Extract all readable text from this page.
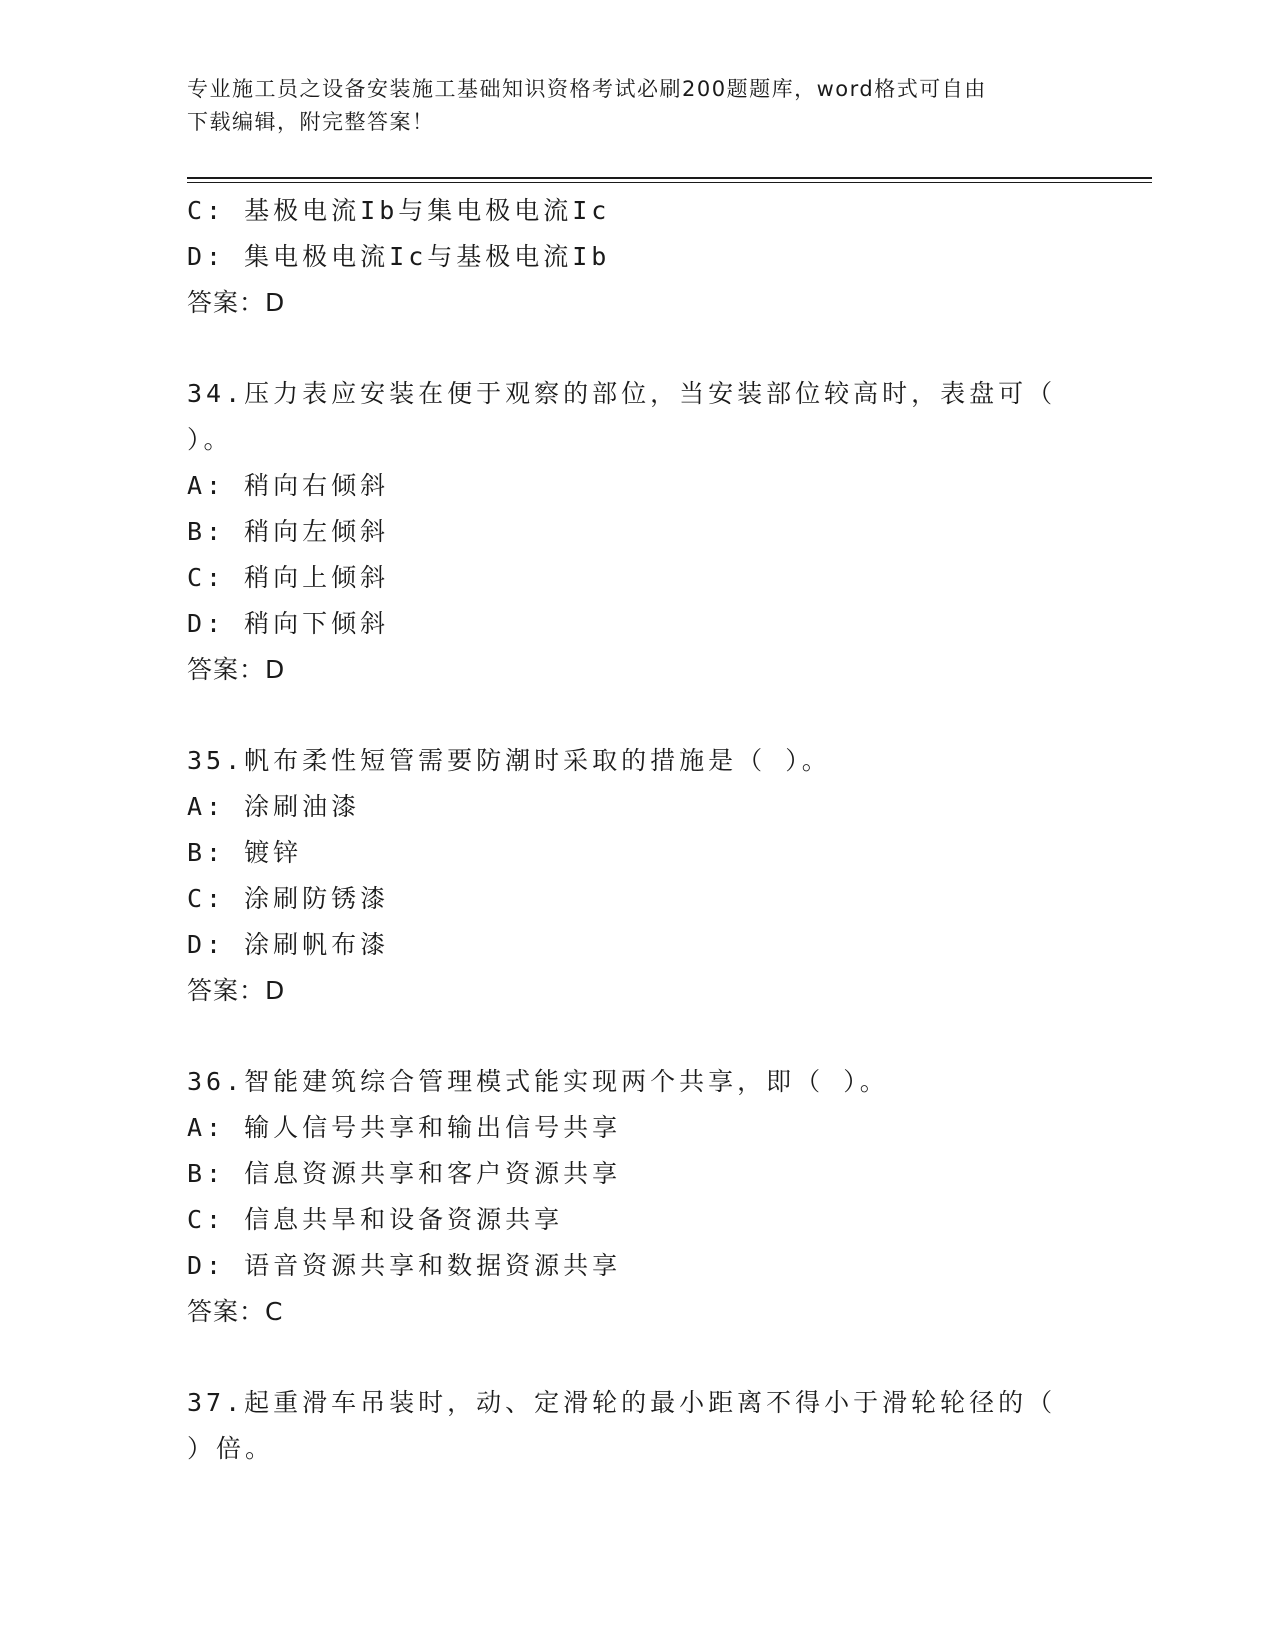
专业施工员之设备安装施工基础知识资格考试必刷200题题库，word格式可自由
下载编辑，附完整答案！
C: 基极电流Ib与集电极电流Ic
D: 集电极电流Ic与基极电流Ib
答案：D
34.压力表应安装在便于观察的部位，当安装部位较高时，表盘可（
）。
A: 稍向右倾斜
B: 稍向左倾斜
C: 稍向上倾斜
D: 稍向下倾斜
答案：D
35.帆布柔性短管需要防潮时采取的措施是（ ）。
A: 涂刷油漆
B: 镀锌
C: 涂刷防锈漆
D: 涂刷帆布漆
答案：D
36.智能建筑综合管理模式能实现两个共享，即（ ）。
A: 输人信号共享和输出信号共享
B: 信息资源共享和客户资源共享
C: 信息共旱和设备资源共享
D: 语音资源共享和数据资源共享
答案：C
37.起重滑车吊装时，动、定滑轮的最小距离不得小于滑轮轮径的（
）倍。
